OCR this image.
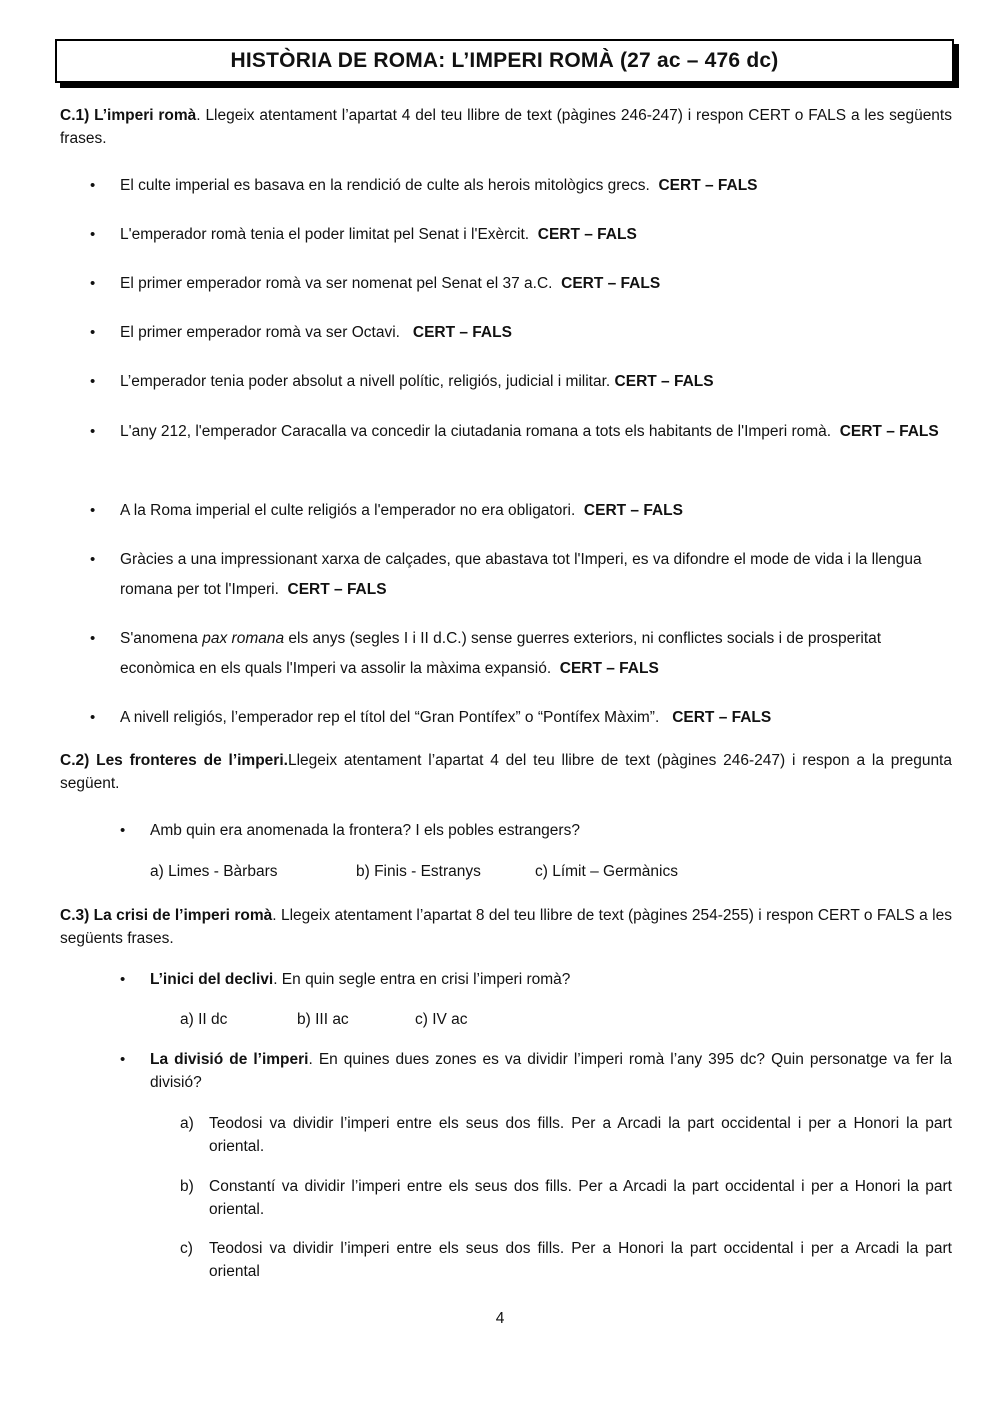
HISTÒRIA DE ROMA: L’IMPERI ROMÀ (27 ac – 476 dc)
C.1) L’imperi romà. Llegeix atentament l’apartat 4 del teu llibre de text (pàgines 246-247) i respon CERT o FALS a les següents frases.
• El culte imperial es basava en la rendició de culte als herois mitològics grecs. CERT – FALS
• L'emperador romà tenia el poder limitat pel Senat i l'Exèrcit. CERT – FALS
• El primer emperador romà va ser nomenat pel Senat el 37 a.C. CERT – FALS
• El primer emperador romà va ser Octavi. CERT – FALS
• L’emperador tenia poder absolut a nivell polític, religiós, judicial i militar. CERT – FALS
• L'any 212, l'emperador Caracalla va concedir la ciutadania romana a tots els habitants de l'Imperi romà. CERT – FALS
• A la Roma imperial el culte religiós a l'emperador no era obligatori. CERT – FALS
• Gràcies a una impressionant xarxa de calçades, que abastava tot l'Imperi, es va difondre el mode de vida i la llengua romana per tot l'Imperi. CERT – FALS
• S'anomena pax romana els anys (segles I i II d.C.) sense guerres exteriors, ni conflictes socials i de prosperitat econòmica en els quals l'Imperi va assolir la màxima expansió. CERT – FALS
• A nivell religiós, l’emperador rep el títol del “Gran Pontífex” o “Pontífex Màxim”. CERT – FALS
C.2) Les fronteres de l’imperi.Llegeix atentament l’apartat 4 del teu llibre de text (pàgines 246-247) i respon a la pregunta següent.
• Amb quin era anomenada la frontera? I els pobles estrangers?
a) Limes - Bàrbars	b) Finis - Estranys	c) Límit – Germànics
C.3) La crisi de l’imperi romà. Llegeix atentament l’apartat 8 del teu llibre de text (pàgines 254-255) i respon CERT o FALS a les següents frases.
• L’inici del declivi. En quin segle entra en crisi l’imperi romà?
a) II dc	b) III ac	c) IV ac
• La divisió de l’imperi. En quines dues zones es va dividir l’imperi romà l’any 395 dc? Quin personatge va fer la divisió?
a) Teodosi va dividir l’imperi entre els seus dos fills. Per a Arcadi la part occidental i per a Honori la part oriental.
b) Constantí va dividir l’imperi entre els seus dos fills. Per a Arcadi la part occidental i per a Honori la part oriental.
c) Teodosi va dividir l’imperi entre els seus dos fills. Per a Honori la part occidental i per a Arcadi la part oriental
4
